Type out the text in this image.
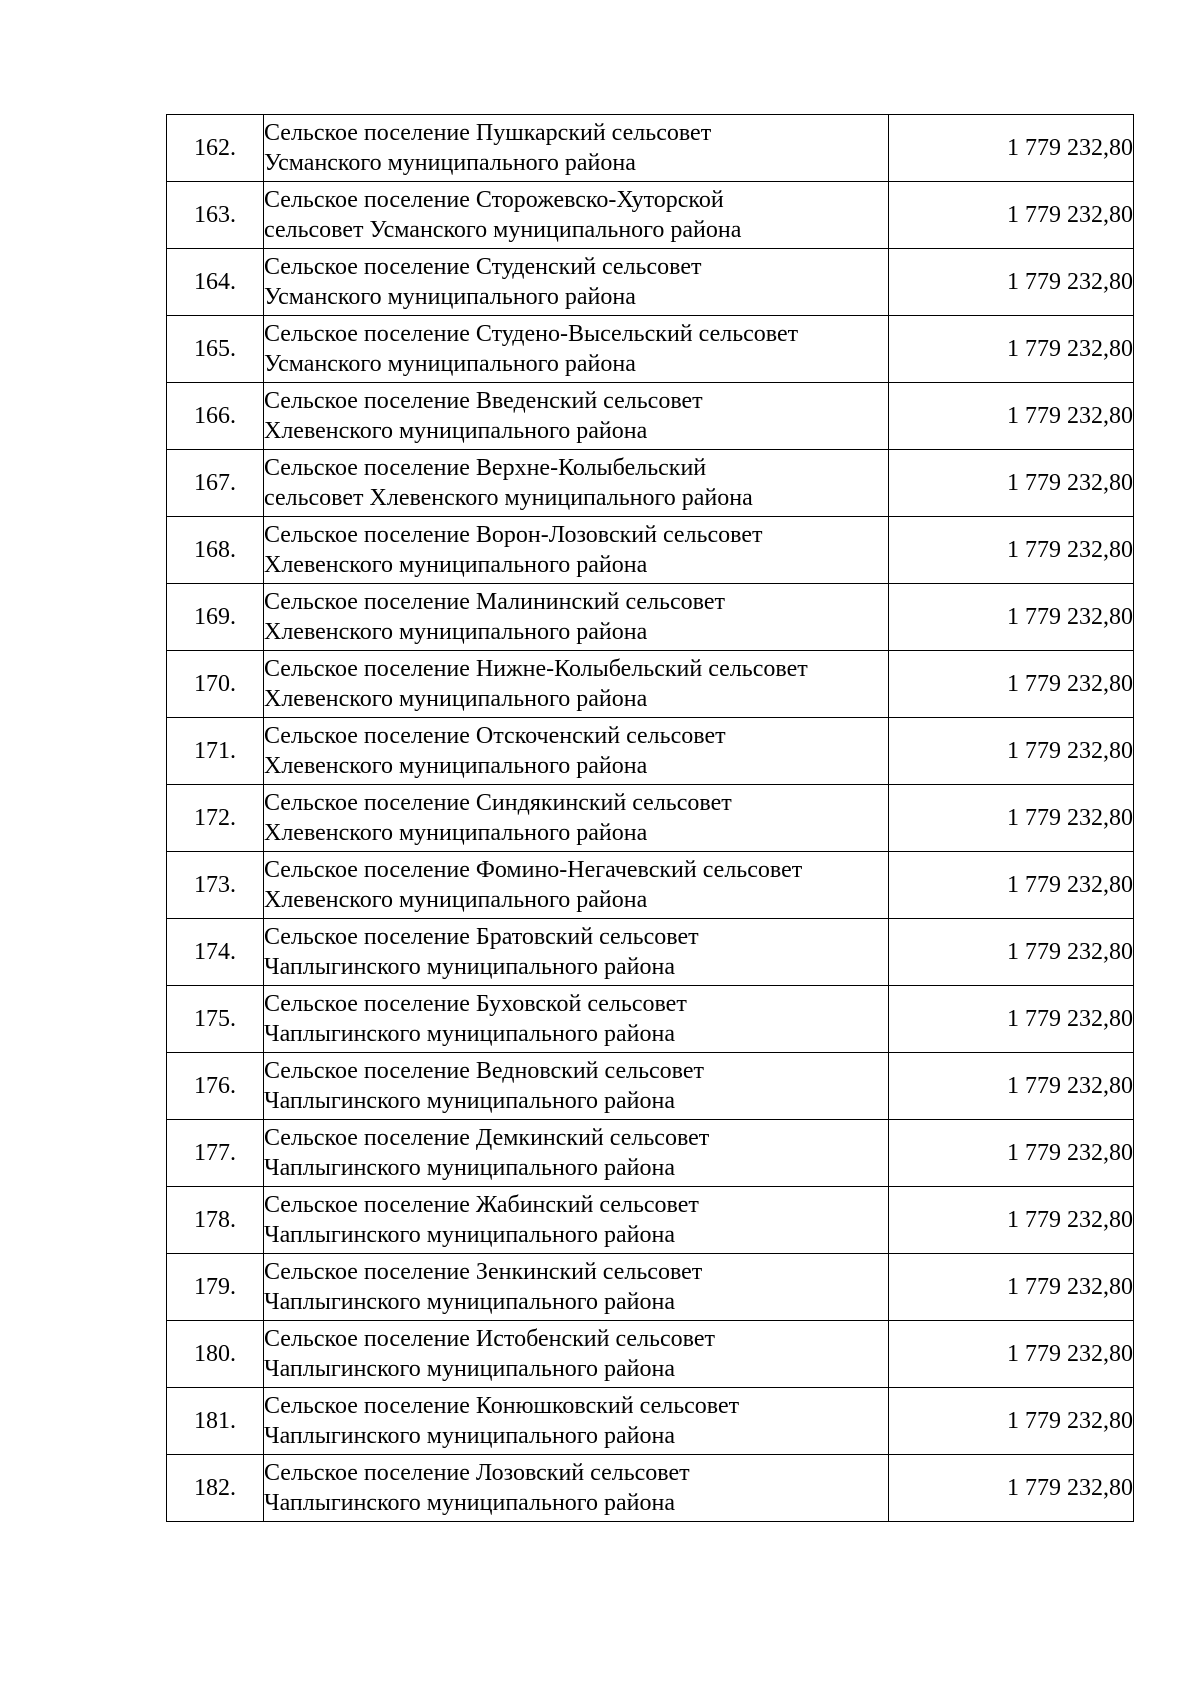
162.	Сельское поселение Пушкарский сельсовет
Усманского муниципального района	1 779 232,80
163.	Сельское поселение Сторожевско-Хуторской
сельсовет Усманского муниципального района	1 779 232,80
164.	Сельское поселение Студенский сельсовет
Усманского муниципального района	1 779 232,80
165.	Сельское поселение Студено-Высельский сельсовет
Усманского муниципального района	1 779 232,80
166.	Сельское поселение Введенский сельсовет
Хлевенского муниципального района	1 779 232,80
167.	Сельское поселение Верхне-Колыбельский
сельсовет Хлевенского муниципального района	1 779 232,80
168.	Сельское поселение Ворон-Лозовский сельсовет
Хлевенского муниципального района	1 779 232,80
169.	Сельское поселение Малининский сельсовет
Хлевенского муниципального района	1 779 232,80
170.	Сельское поселение Нижне-Колыбельский сельсовет
Хлевенского муниципального района	1 779 232,80
171.	Сельское поселение Отскоченский сельсовет
Хлевенского муниципального района	1 779 232,80
172.	Сельское поселение Синдякинский сельсовет
Хлевенского муниципального района	1 779 232,80
173.	Сельское поселение Фомино-Негачевский сельсовет
Хлевенского муниципального района	1 779 232,80
174.	Сельское поселение Братовский сельсовет
Чаплыгинского муниципального района	1 779 232,80
175.	Сельское поселение Буховской сельсовет
Чаплыгинского муниципального района	1 779 232,80
176.	Сельское поселение Ведновский сельсовет
Чаплыгинского муниципального района	1 779 232,80
177.	Сельское поселение Демкинский сельсовет
Чаплыгинского муниципального района	1 779 232,80
178.	Сельское поселение Жабинский сельсовет
Чаплыгинского муниципального района	1 779 232,80
179.	Сельское поселение Зенкинский сельсовет
Чаплыгинского муниципального района	1 779 232,80
180.	Сельское поселение Истобенский сельсовет
Чаплыгинского муниципального района	1 779 232,80
181.	Сельское поселение Конюшковский сельсовет
Чаплыгинского муниципального района	1 779 232,80
182.	Сельское поселение Лозовский сельсовет
Чаплыгинского муниципального района	1 779 232,80
